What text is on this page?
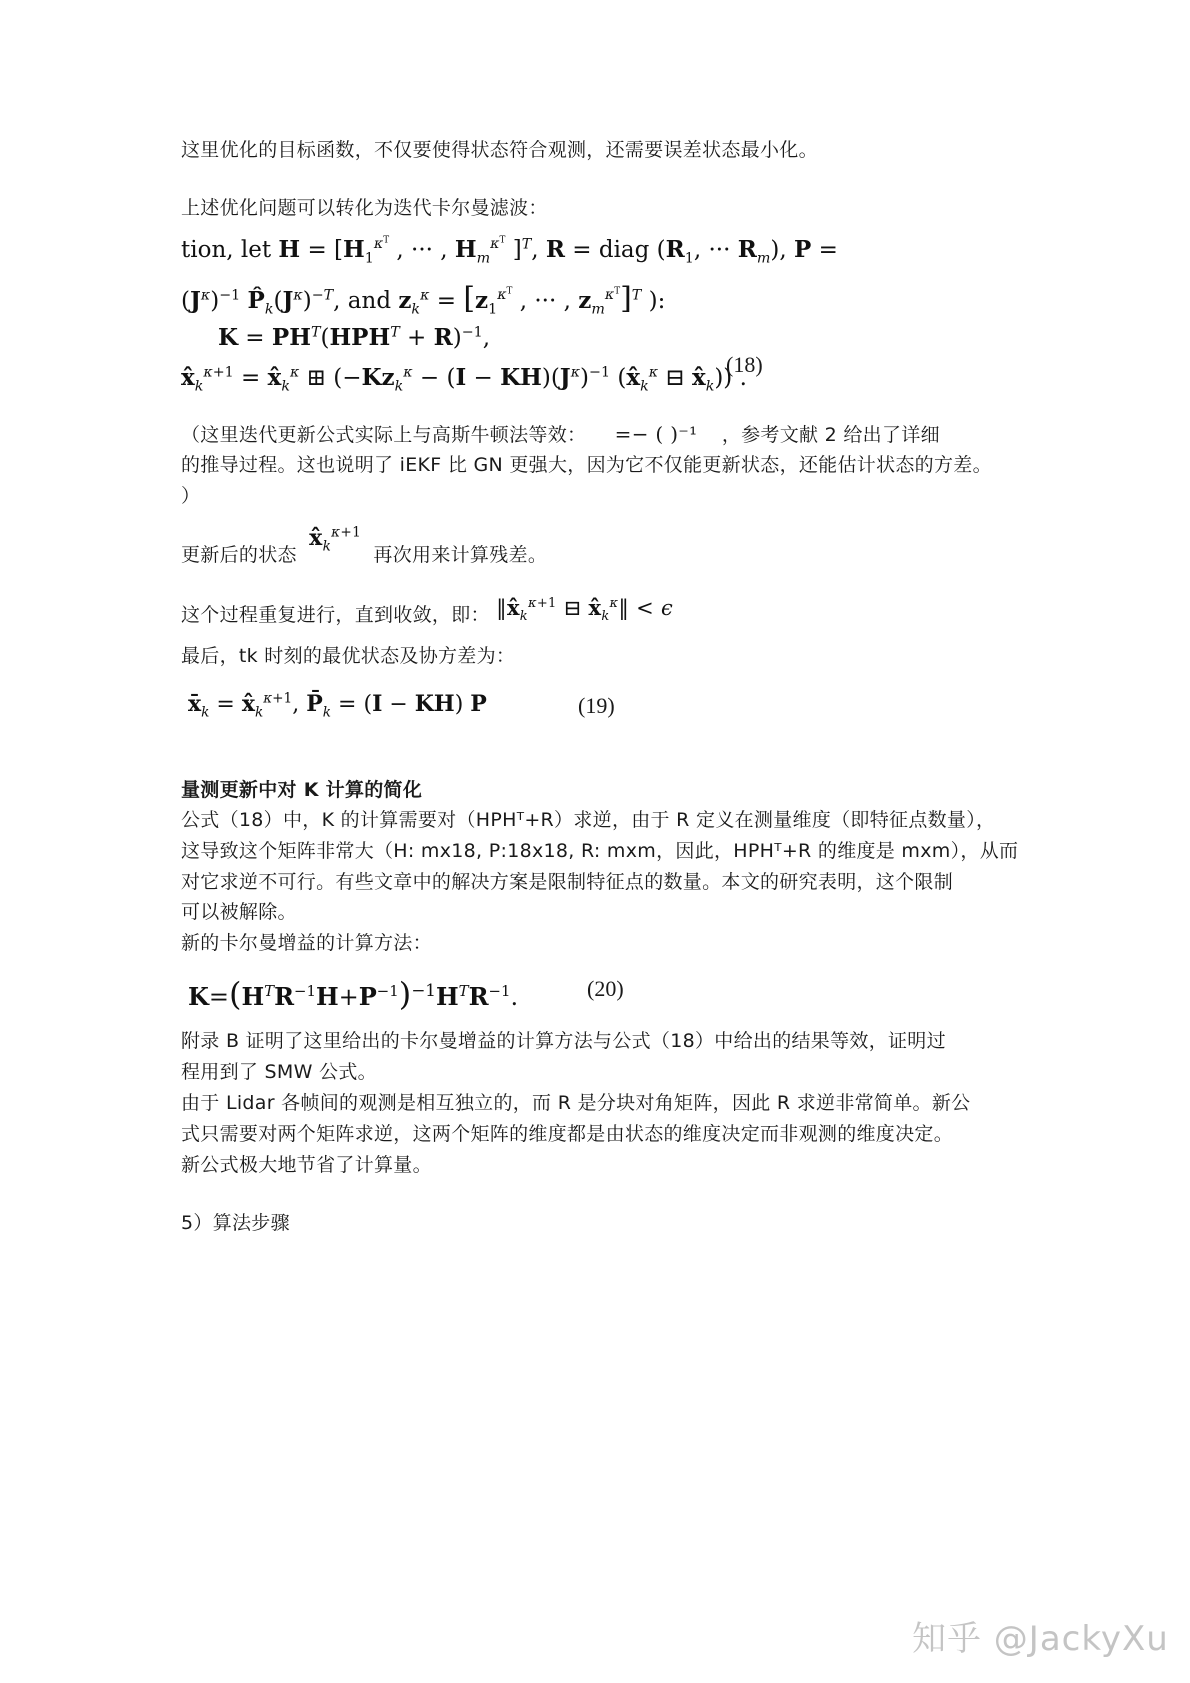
这里优化的目标函数，不仅要使得状态符合观测，还需要误差状态最小化。
上述优化问题可以转化为迭代卡尔曼滤波：
tion, let $H = [H_1^{\kappa^T}$ , ··· , $H_m^{\kappa^T}$ ]$^T$, R = diag ($R_1$, ··· $R_m$), P =
$(J^\kappa)^{-1}$ $P̂_k(J^\kappa)^{-T}$, and $z_k^\kappa = [z_1^{\kappa^T}$ , ··· , $z_m^{\kappa^T}]^T$ ):
$K = PH^T(HPH^T + R)^{-1}$,
$x̂_k^{\kappa+1}$ = $x̂_k^\kappa$ ⊞ ($-Kz_k^\kappa - (I - KH)(J^\kappa)^{-1}$ ($x̂_k^\kappa$ ⊟ $x̂_k$)) .
(18)
（这里迭代更新公式实际上与高斯牛顿法等效： =− ( )⁻¹ ，参考文献 2 给出了详细
的推导过程。这也说明了 iEKF 比 GN 更强大，因为它不仅能更新状态，还能估计状态的方差。
）
更新后的状态 $x̂_k^{\kappa+1}$ 再次用来计算残差。
这个过程重复进行，直到收敛，即： $‖x̂_k^{\kappa+1}$ ⊟ $x̂_k^\kappa‖ < \epsilon$
最后，tk 时刻的最优状态及协方差为：
$x̄_k$ = $x̂_k^{\kappa+1}$, $P̄_k = (I - KH)$ P	(19)
量测更新中对 K 计算的简化
公式（18）中，K 的计算需要对（HPHᵀ+R）求逆，由于 R 定义在测量维度（即特征点数量），
这导致这个矩阵非常大（H: mx18, P:18x18, R: mxm，因此，HPHᵀ+R 的维度是 mxm），从而
对它求逆不可行。有些文章中的解决方案是限制特征点的数量。本文的研究表明，这个限制
可以被解除。
新的卡尔曼增益的计算方法：
$K=(H^TR^{-1}H+P^{-1})^{-1}H^TR^{-1}$.	(20)
附录 B 证明了这里给出的卡尔曼增益的计算方法与公式（18）中给出的结果等效，证明过
程用到了 SMW 公式。
由于 Lidar 各帧间的观测是相互独立的，而 R 是分块对角矩阵，因此 R 求逆非常简单。新公
式只需要对两个矩阵求逆，这两个矩阵的维度都是由状态的维度决定而非观测的维度决定。
新公式极大地节省了计算量。
5）算法步骤
知乎 @JackyXu
